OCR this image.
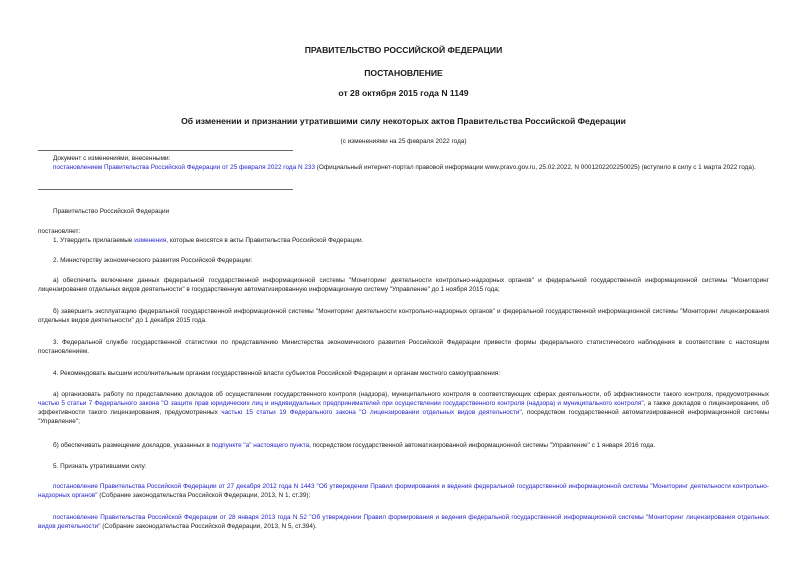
ПРАВИТЕЛЬСТВО РОССИЙСКОЙ ФЕДЕРАЦИИ
ПОСТАНОВЛЕНИЕ
от 28 октября 2015 года N 1149
Об изменении и признании утратившими силу некоторых актов Правительства Российской Федерации
(с изменениями на 25 февраля 2022 года)

Документ с изменениями, внесенными:

постановлением Правительства Российской Федерации от 25 февраля 2022 года N 233 (Официальный интернет-портал правовой информации www.pravo.gov.ru, 25.02.2022, N 0001202202250025) (вступило в силу с 1 марта 2022 года).

Правительство Российской Федерации

постановляет:

1. Утвердить прилагаемые изменения, которые вносятся в акты Правительства Российской Федерации.

2. Министерству экономического развития Российской Федерации:

а) обеспечить включение данных федеральной государственной информационной системы "Мониторинг деятельности контрольно-надзорных органов" и федеральной государственной информационной системы "Мониторинг лицензирования отдельных видов деятельности" в государственную автоматизированную информационную систему "Управление" до 1 ноября 2015 года;

б) завершить эксплуатацию федеральной государственной информационной системы "Мониторинг деятельности контрольно-надзорных органов" и федеральной государственной информационной системы "Мониторинг лицензирования отдельных видов деятельности" до 1 декабря 2015 года.

3. Федеральной службе государственной статистики по представлению Министерства экономического развития Российской Федерации привести формы федерального статистического наблюдения в соответствие с настоящим постановлением.

4. Рекомендовать высшим исполнительным органам государственной власти субъектов Российской Федерации и органам местного самоуправления:

а) организовать работу по представлению докладов об осуществлении государственного контроля (надзора), муниципального контроля в соответствующих сферах деятельности, об эффективности такого контроля, предусмотренных частью 5 статьи 7 Федерального закона "О защите прав юридических лиц и индивидуальных предпринимателей при осуществлении государственного контроля (надзора) и муниципального контроля", а также докладов о лицензировании, об эффективности такого лицензирования, предусмотренных частью 15 статьи 19 Федерального закона "О лицензировании отдельных видов деятельности", посредством государственной автоматизированной информационной системы "Управление";

б) обеспечивать размещение докладов, указанных в подпункте "а" настоящего пункта, посредством государственной автоматизированной информационной системы "Управление" с 1 января 2016 года.

5. Признать утратившими силу:

постановление Правительства Российской Федерации от 27 декабря 2012 года N 1443 "Об утверждении Правил формирования и ведения федеральной государственной информационной системы "Мониторинг деятельности контрольно-надзорных органов" (Собрание законодательства Российской Федерации, 2013, N 1, ст.39);

постановление Правительства Российской Федерации от 28 января 2013 года N 52 "Об утверждении Правил формирования и ведения федеральной государственной информационной системы "Мониторинг лицензирования отдельных видов деятельности" (Собрание законодательства Российской Федерации, 2013, N 5, ст.394).
